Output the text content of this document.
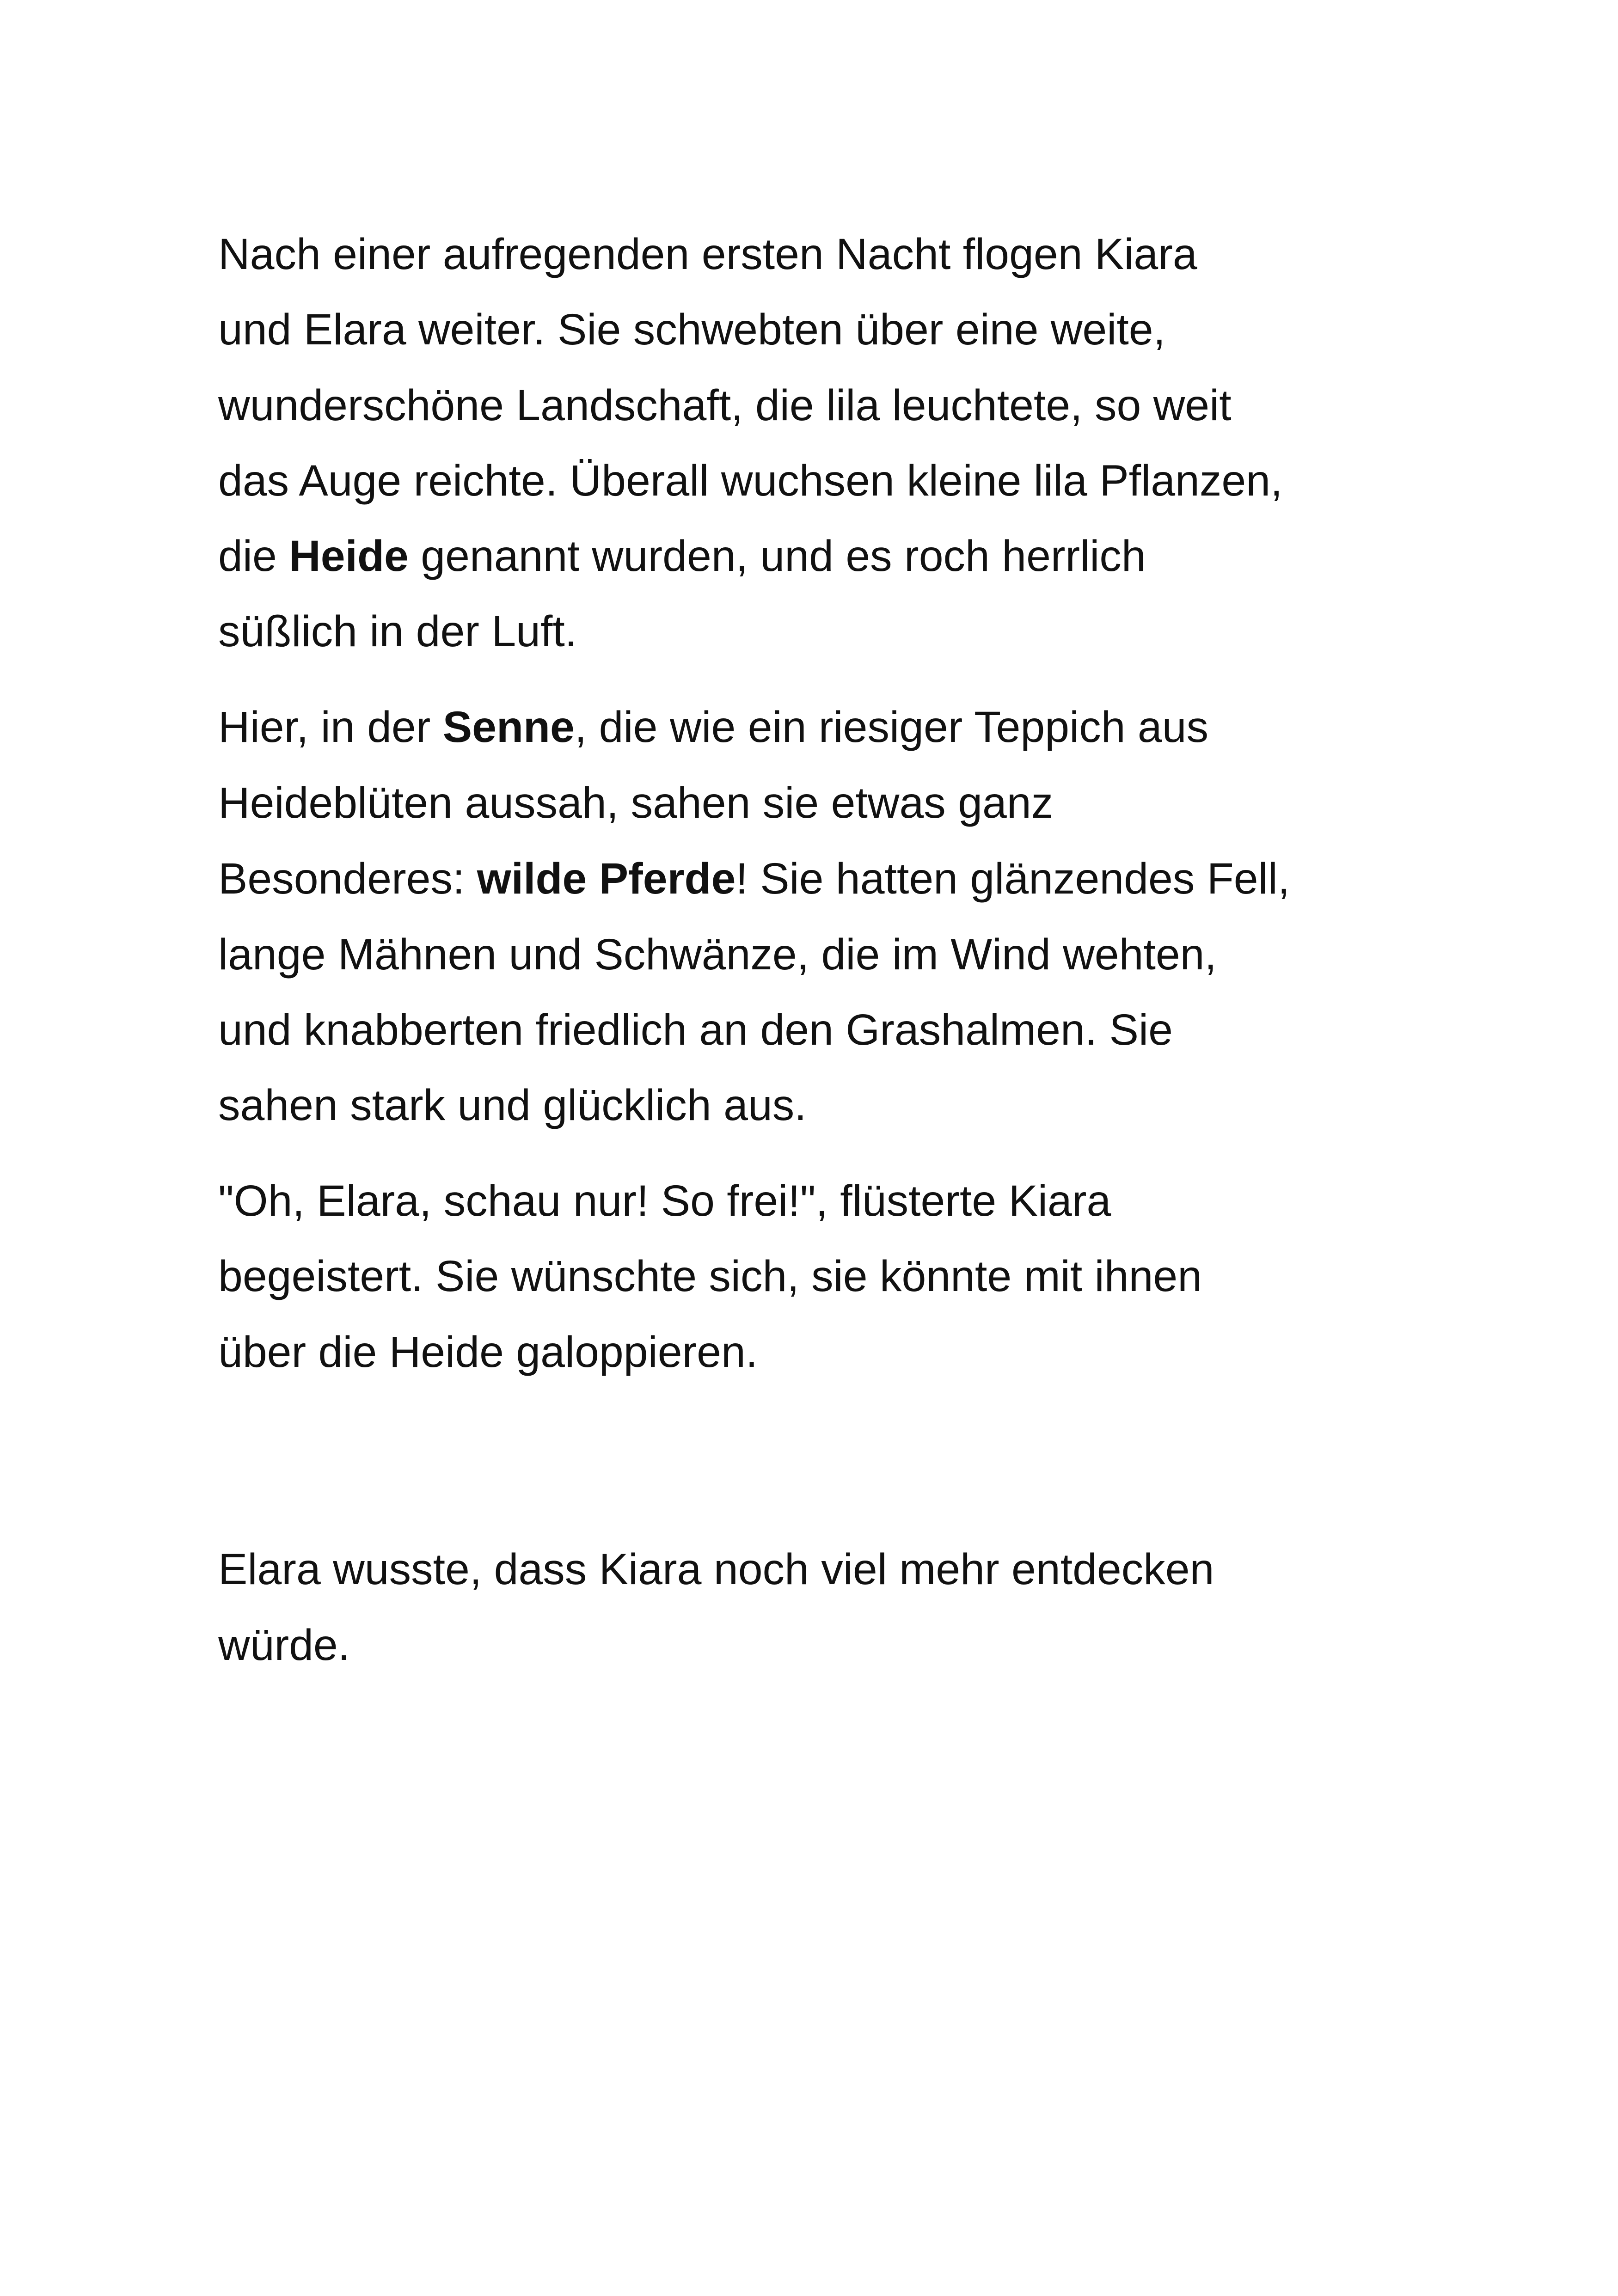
Nach einer aufregenden ersten Nacht flogen Kiara
und Elara weiter. Sie schwebten über eine weite,
wunderschöne Landschaft, die lila leuchtete, so weit
das Auge reichte. Überall wuchsen kleine lila Pflanzen,
die Heide genannt wurden, und es roch herrlich
süßlich in der Luft.
Hier, in der Senne, die wie ein riesiger Teppich aus
Heideblüten aussah, sahen sie etwas ganz
Besonderes: wilde Pferde! Sie hatten glänzendes Fell,
lange Mähnen und Schwänze, die im Wind wehten,
und knabberten friedlich an den Grashalmen. Sie
sahen stark und glücklich aus.
"Oh, Elara, schau nur! So frei!", flüsterte Kiara
begeistert. Sie wünschte sich, sie könnte mit ihnen
über die Heide galoppieren.
Elara wusste, dass Kiara noch viel mehr entdecken
würde.
